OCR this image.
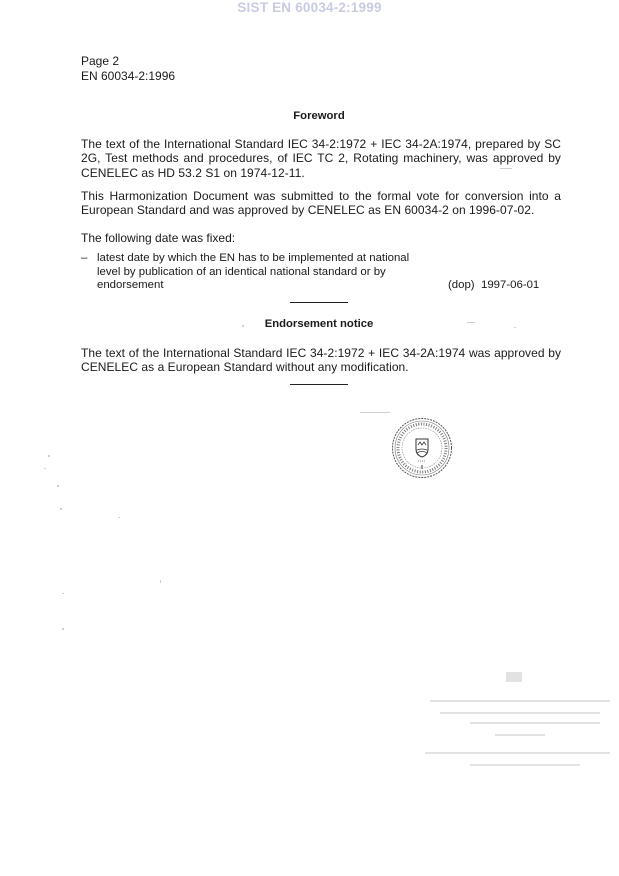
SIST EN 60034-2:1999
Page 2
EN 60034-2:1996
Foreword
The text of the International Standard IEC 34-2:1972 + IEC 34-2A:1974, prepared by SC 2G, Test methods and procedures, of IEC TC 2, Rotating machinery, was approved by CENELEC as HD 53.2 S1 on 1974-12-11.
This Harmonization Document was submitted to the formal vote for conversion into a European Standard and was approved by CENELEC as EN 60034-2 on 1996-07-02.
The following date was fixed:
– latest date by which the EN has to be implemented at national level by publication of an identical national standard or by endorsement	(dop) 1997-06-01
Endorsement notice
The text of the International Standard IEC 34-2:1972 + IEC 34-2A:1974 was approved by CENELEC as a European Standard without any modification.
